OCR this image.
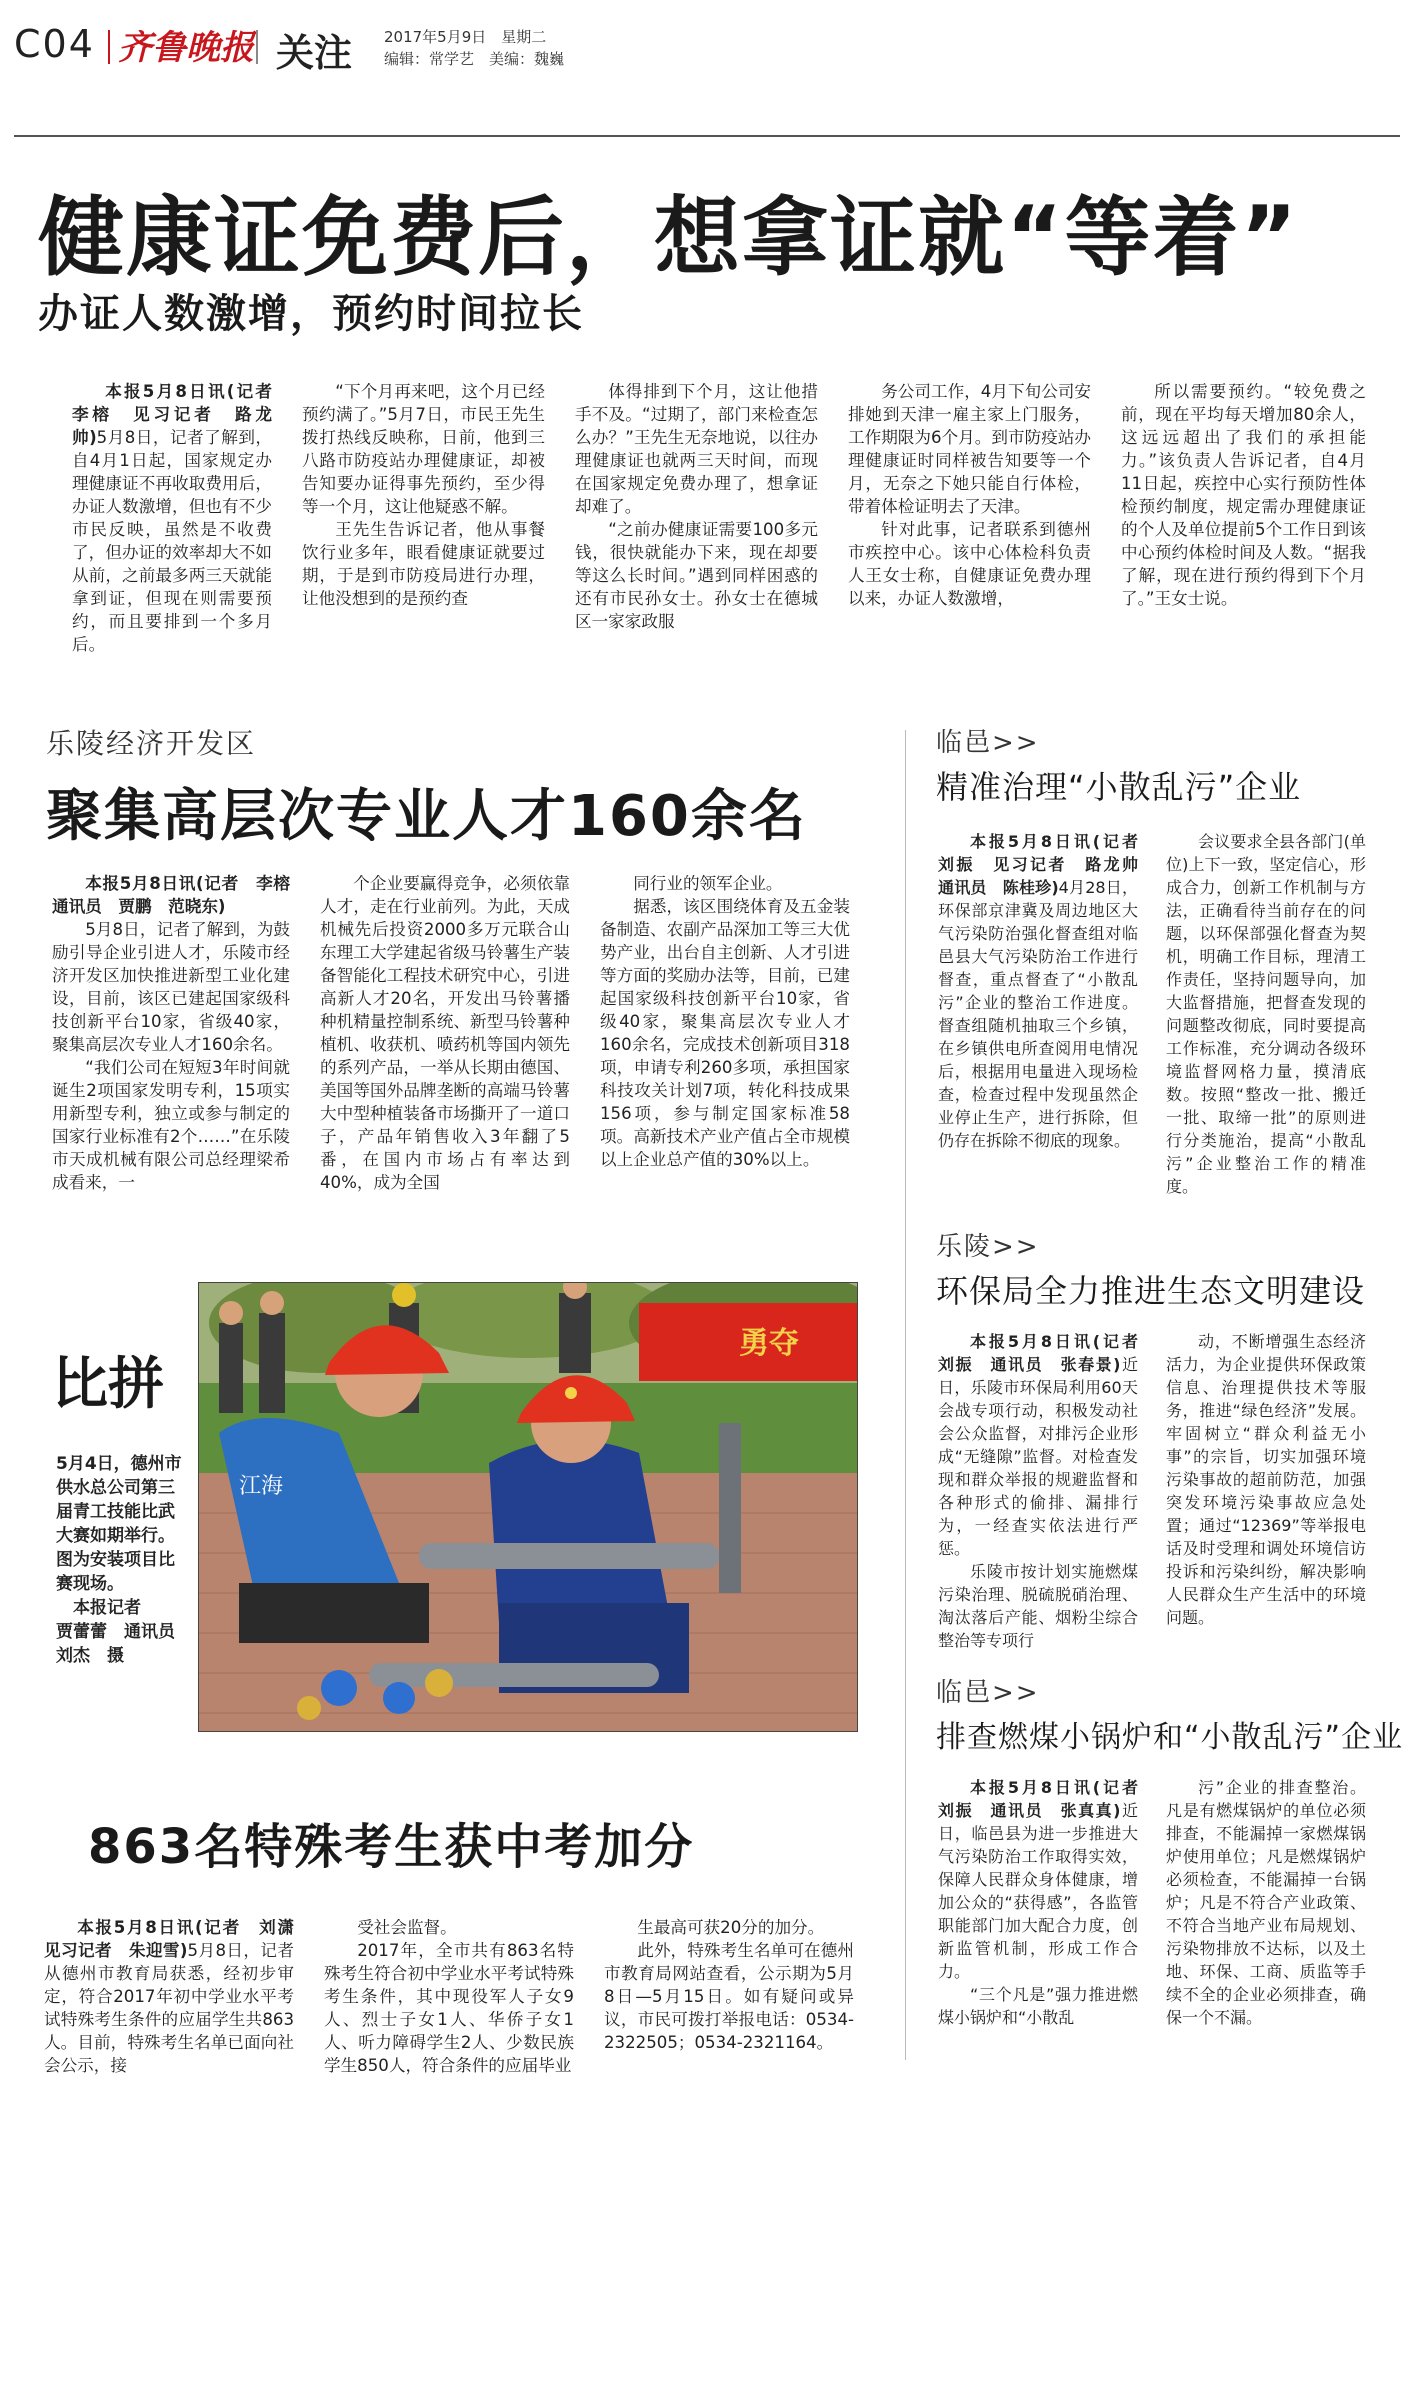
C04 齐鲁晚报 关注 2017年5月9日　星期二
编辑：常学艺　美编：魏巍
健康证免费后，想拿证就“等着”
办证人数激增，预约时间拉长

本报5月8日讯(记者　李榕　见习记者　路龙帅)5月8日，记者了解到，自4月1日起，国家规定办理健康证不再收取费用后，办证人数激增，但也有不少市民反映，虽然是不收费了，但办证的效率却大不如从前，之前最多两三天就能拿到证，但现在则需要预约，而且要排到一个多月后。

“下个月再来吧，这个月已经预约满了。”5月7日，市民王先生拨打热线反映称，日前，他到三八路市防疫站办理健康证，却被告知要办证得事先预约，至少得等一个月，这让他疑惑不解。

王先生告诉记者，他从事餐饮行业多年，眼看健康证就要过期，于是到市防疫局进行办理，让他没想到的是预约查

体得排到下个月，这让他措手不及。“过期了，部门来检查怎么办？”王先生无奈地说，以往办理健康证也就两三天时间，而现在国家规定免费办理了，想拿证却难了。

“之前办健康证需要100多元钱，很快就能办下来，现在却要等这么长时间。”遇到同样困惑的还有市民孙女士。孙女士在德城区一家家政服

务公司工作，4月下旬公司安排她到天津一雇主家上门服务，工作期限为6个月。到市防疫站办理健康证时同样被告知要等一个月，无奈之下她只能自行体检，带着体检证明去了天津。

针对此事，记者联系到德州市疾控中心。该中心体检科负责人王女士称，自健康证免费办理以来，办证人数激增，

所以需要预约。“较免费之前，现在平均每天增加80余人，这远远超出了我们的承担能力。”该负责人告诉记者，自4月11日起，疾控中心实行预防性体检预约制度，规定需办理健康证的个人及单位提前5个工作日到该中心预约体检时间及人数。“据我了解，现在进行预约得到下个月了。”王女士说。

乐陵经济开发区
聚集高层次专业人才160余名

本报5月8日讯(记者　李榕　通讯员　贾鹏　范晓东)

5月8日，记者了解到，为鼓励引导企业引进人才，乐陵市经济开发区加快推进新型工业化建设，目前，该区已建起国家级科技创新平台10家，省级40家，聚集高层次专业人才160余名。

“我们公司在短短3年时间就诞生2项国家发明专利，15项实用新型专利，独立或参与制定的国家行业标准有2个……”在乐陵市天成机械有限公司总经理梁希成看来，一

个企业要赢得竞争，必须依靠人才，走在行业前列。为此，天成机械先后投资2000多万元联合山东理工大学建起省级马铃薯生产装备智能化工程技术研究中心，引进高新人才20名，开发出马铃薯播种机精量控制系统、新型马铃薯种植机、收获机、喷药机等国内领先的系列产品，一举从长期由德国、美国等国外品牌垄断的高端马铃薯大中型种植装备市场撕开了一道口子，产品年销售收入3年翻了5番，在国内市场占有率达到40%，成为全国

同行业的领军企业。

据悉，该区围绕体育及五金装备制造、农副产品深加工等三大优势产业，出台自主创新、人才引进等方面的奖励办法等，目前，已建起国家级科技创新平台10家，省级40家，聚集高层次专业人才160余名，完成技术创新项目318项，申请专利260多项，承担国家科技攻关计划7项，转化科技成果156项，参与制定国家标准58项。高新技术产业产值占全市规模以上企业总产值的30%以上。

临邑>>
精准治理“小散乱污”企业

本报5月8日讯(记者　刘振　见习记者　路龙帅　通讯员　陈桂珍)4月28日，环保部京津冀及周边地区大气污染防治强化督查组对临邑县大气污染防治工作进行督查，重点督查了“小散乱污”企业的整治工作进度。督查组随机抽取三个乡镇，在乡镇供电所查阅用电情况后，根据用电量进入现场检查，检查过程中发现虽然企业停止生产，进行拆除，但仍存在拆除不彻底的现象。

会议要求全县各部门(单位)上下一致，坚定信心，形成合力，创新工作机制与方法，正确看待当前存在的问题，以环保部强化督查为契机，明确工作目标，理清工作责任，坚持问题导向，加大监督措施，把督查发现的问题整改彻底，同时要提高工作标准，充分调动各级环境监督网格力量，摸清底数。按照“整改一批、搬迁一批、取缔一批”的原则进行分类施治，提高“小散乱污”企业整治工作的精准度。

乐陵>>
环保局全力推进生态文明建设

本报5月8日讯(记者　刘振　通讯员　张春景)近日，乐陵市环保局利用60天会战专项行动，积极发动社会公众监督，对排污企业形成“无缝隙”监督。对检查发现和群众举报的规避监督和各种形式的偷排、漏排行为，一经查实依法进行严惩。

乐陵市按计划实施燃煤污染治理、脱硫脱硝治理、淘汰落后产能、烟粉尘综合整治等专项行

动，不断增强生态经济活力，为企业提供环保政策信息、治理提供技术等服务，推进“绿色经济”发展。牢固树立“群众利益无小事”的宗旨，切实加强环境污染事故的超前防范，加强突发环境污染事故应急处置；通过“12369”等举报电话及时受理和调处环境信访投诉和污染纠纷，解决影响人民群众生产生活中的环境问题。

临邑>>
排查燃煤小锅炉和“小散乱污”企业

本报5月8日讯(记者　刘振　通讯员　张真真)近日，临邑县为进一步推进大气污染防治工作取得实效，保障人民群众身体健康，增加公众的“获得感”，各监管职能部门加大配合力度，创新监管机制，形成工作合力。

“三个凡是”强力推进燃煤小锅炉和“小散乱

污”企业的排查整治。凡是有燃煤锅炉的单位必须排查，不能漏掉一家燃煤锅炉使用单位；凡是燃煤锅炉必须检查，不能漏掉一台锅炉；凡是不符合产业政策、不符合当地产业布局规划、污染物排放不达标，以及土地、环保、工商、质监等手续不全的企业必须排查，确保一个不漏。

比拼
5月4日，德州市供水总公司第三届青工技能比武大赛如期举行。图为安装项目比赛现场。
本报记者
贾蕾蕾　通讯员　刘杰　摄
勇夺
江海
863名特殊考生获中考加分

本报5月8日讯(记者　刘潇　见习记者　朱迎雪)5月8日，记者从德州市教育局获悉，经初步审定，符合2017年初中学业水平考试特殊考生条件的应届学生共863人。目前，特殊考生名单已面向社会公示，接

受社会监督。

2017年，全市共有863名特殊考生符合初中学业水平考试特殊考生条件，其中现役军人子女9人、烈士子女1人、华侨子女1人、听力障碍学生2人、少数民族学生850人，符合条件的应届毕业

生最高可获20分的加分。

此外，特殊考生名单可在德州市教育局网站查看，公示期为5月8日—5月15日。如有疑问或异议，市民可拨打举报电话：0534-2322505；0534-2321164。
